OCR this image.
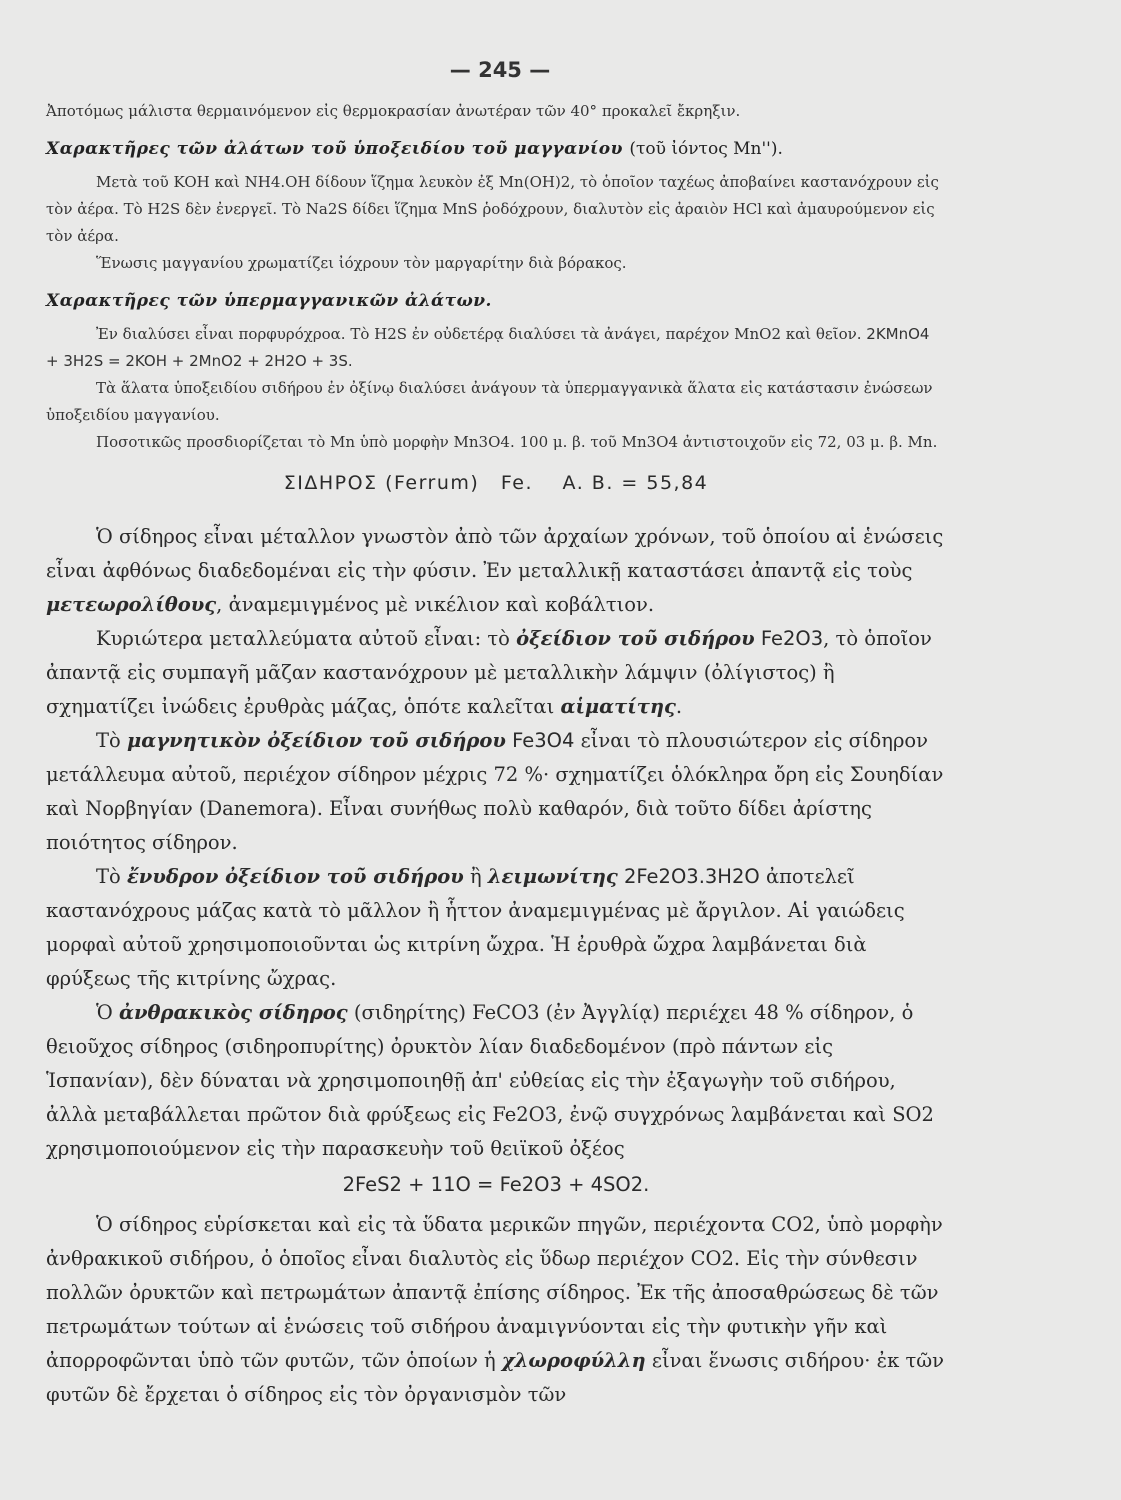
— 245 —

Ἀποτόμως μάλιστα θερμαινόμενον εἰς θερμοκρασίαν ἀνωτέραν τῶν 40° προκαλεῖ ἔκρηξιν.

Χαρακτῆρες τῶν ἀλάτων τοῦ ὑποξειδίου τοῦ μαγγανίου (τοῦ ἰόντος Mn'').

Μετὰ τοῦ KOH καὶ NH4.OH δίδουν ἵζημα λευκὸν ἐξ Mn(OH)2, τὸ ὁποῖον ταχέως ἀποβαίνει καστανόχρουν εἰς τὸν ἀέρα. Τὸ H2S δὲν ἐνεργεῖ. Τὸ Na2S δίδει ἵζημα MnS ῥοδόχρουν, διαλυτὸν εἰς ἀραιὸν HCl καὶ ἀμαυρούμενον εἰς τὸν ἀέρα.

Ἕνωσις μαγγανίου χρωματίζει ἰόχρουν τὸν μαργαρίτην διὰ βόρακος.

Χαρακτῆρες τῶν ὑπερμαγγανικῶν ἀλάτων.

Ἐν διαλύσει εἶναι πορφυρόχροα. Τὸ H2S ἐν οὐδετέρᾳ διαλύσει τὰ ἀνάγει, παρέχον MnO2 καὶ θεῖον. 2KMnO4 + 3H2S = 2KOH + 2MnO2 + 2H2O + 3S.

Τὰ ἅλατα ὑποξειδίου σιδήρου ἐν ὀξίνῳ διαλύσει ἀνάγουν τὰ ὑπερμαγγανικὰ ἅλατα εἰς κατάστασιν ἐνώσεων ὑποξειδίου μαγγανίου.

Ποσοτικῶς προσδιορίζεται τὸ Mn ὑπὸ μορφὴν Mn3O4. 100 μ. β. τοῦ Mn3O4 ἀντιστοιχοῦν εἰς 72, 03 μ. β. Mn.

ΣΙΔΗΡΟΣ (Ferrum) Fe. A. B. = 55,84

Ὁ σίδηρος εἶναι μέταλλον γνωστὸν ἀπὸ τῶν ἀρχαίων χρόνων, τοῦ ὁποίου αἱ ἑνώσεις εἶναι ἀφθόνως διαδεδομέναι εἰς τὴν φύσιν. Ἐν μεταλλικῇ καταστάσει ἀπαντᾷ εἰς τοὺς μετεωρολίθους, ἀναμεμιγμένος μὲ νικέλιον καὶ κοβάλτιον.

Κυριώτερα μεταλλεύματα αὐτοῦ εἶναι: τὸ ὀξείδιον τοῦ σιδήρου Fe2O3, τὸ ὁποῖον ἀπαντᾷ εἰς συμπαγῆ μᾶζαν καστανόχρουν μὲ μεταλλικὴν λάμψιν (ὀλίγιστος) ἢ σχηματίζει ἰνώδεις ἐρυθρὰς μάζας, ὁπότε καλεῖται αἱματίτης.

Τὸ μαγνητικὸν ὀξείδιον τοῦ σιδήρου Fe3O4 εἶναι τὸ πλουσιώτερον εἰς σίδηρον μετάλλευμα αὐτοῦ, περιέχον σίδηρον μέχρις 72 %· σχηματίζει ὁλόκληρα ὄρη εἰς Σουηδίαν καὶ Νορβηγίαν (Danemora). Εἶναι συνήθως πολὺ καθαρόν, διὰ τοῦτο δίδει ἀρίστης ποιότητος σίδηρον.

Τὸ ἔνυδρον ὀξείδιον τοῦ σιδήρου ἢ λειμωνίτης 2Fe2O3.3H2O ἀποτελεῖ καστανόχρους μάζας κατὰ τὸ μᾶλλον ἢ ἧττον ἀναμεμιγμένας μὲ ἄργιλον. Αἱ γαιώδεις μορφαὶ αὐτοῦ χρησιμοποιοῦνται ὡς κιτρίνη ὤχρα. Ἡ ἐρυθρὰ ὤχρα λαμβάνεται διὰ φρύξεως τῆς κιτρίνης ὤχρας.

Ὁ ἀνθρακικὸς σίδηρος (σιδηρίτης) FeCO3 (ἐν Ἀγγλίᾳ) περιέχει 48 % σίδηρον, ὁ θειοῦχος σίδηρος (σιδηροπυρίτης) ὀρυκτὸν λίαν διαδεδομένον (πρὸ πάντων εἰς Ἱσπανίαν), δὲν δύναται νὰ χρησιμοποιηθῇ ἀπ' εὐθείας εἰς τὴν ἐξαγωγὴν τοῦ σιδήρου, ἀλλὰ μεταβάλλεται πρῶτον διὰ φρύξεως εἰς Fe2O3, ἐνῷ συγχρόνως λαμβάνεται καὶ SO2 χρησιμοποιούμενον εἰς τὴν παρασκευὴν τοῦ θειϊκοῦ ὀξέος

2FeS2 + 11O = Fe2O3 + 4SO2.

Ὁ σίδηρος εὑρίσκεται καὶ εἰς τὰ ὕδατα μερικῶν πηγῶν, περιέχοντα CO2, ὑπὸ μορφὴν ἀνθρακικοῦ σιδήρου, ὁ ὁποῖος εἶναι διαλυτὸς εἰς ὕδωρ περιέχον CO2. Εἰς τὴν σύνθεσιν πολλῶν ὀρυκτῶν καὶ πετρωμάτων ἀπαντᾷ ἐπίσης σίδηρος. Ἐκ τῆς ἀποσαθρώσεως δὲ τῶν πετρωμάτων τούτων αἱ ἑνώσεις τοῦ σιδήρου ἀναμιγνύονται εἰς τὴν φυτικὴν γῆν καὶ ἀπορροφῶνται ὑπὸ τῶν φυτῶν, τῶν ὁποίων ἡ χλωροφύλλη εἶναι ἕνωσις σιδήρου· ἐκ τῶν φυτῶν δὲ ἔρχεται ὁ σίδηρος εἰς τὸν ὀργανισμὸν τῶν
